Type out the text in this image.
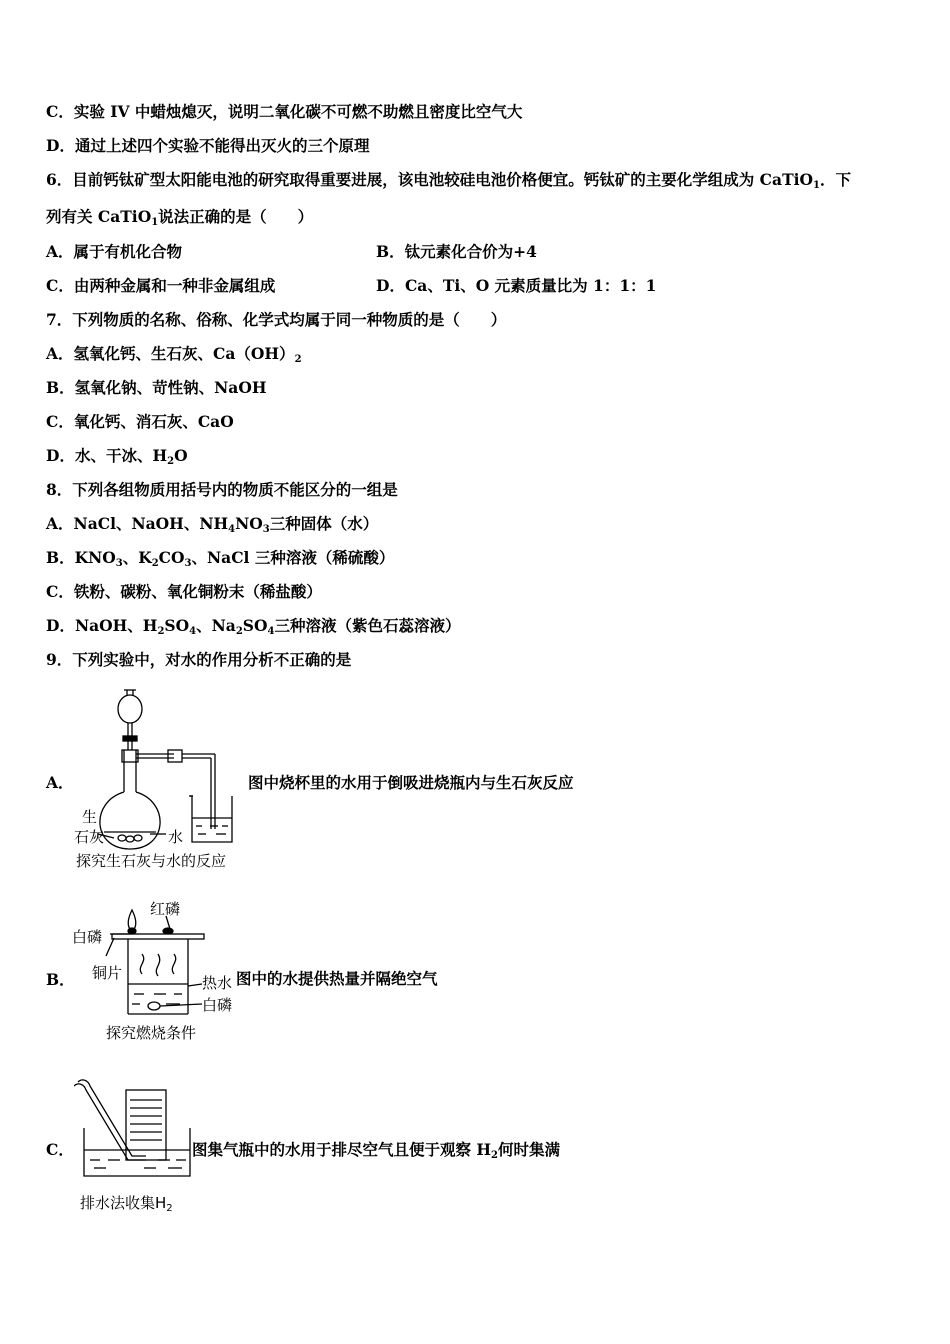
C．实验 IV 中蜡烛熄灭，说明二氧化碳不可燃不助燃且密度比空气大
D．通过上述四个实验不能得出灭火的三个原理
6．目前钙钛矿型太阳能电池的研究取得重要进展，该电池较硅电池价格便宜。钙钛矿的主要化学组成为 CaTiO$_1$．下
列有关 CaTiO$_1$说法正确的是（　　）
A．属于有机化合物	B．钛元素化合价为+4
C．由两种金属和一种非金属组成	D．Ca、Ti、O 元素质量比为 1：1：1
7．下列物质的名称、俗称、化学式均属于同一种物质的是（　　）
A．氢氧化钙、生石灰、$Ca(OH)_2$
B．氢氧化钠、苛性钠、NaOH
C．氧化钙、消石灰、CaO
D．水、干冰、$H_2O$
8．下列各组物质用括号内的物质不能区分的一组是
A．NaCl、NaOH、$NH_4NO_3$三种固体（水）
B．$KNO_3$、$K_2CO_3$、NaCl 三种溶液（稀硫酸）
C．铁粉、碳粉、氧化铜粉末（稀盐酸）
D．NaOH、$H_2SO_4$、$Na_2SO_4$三种溶液（紫色石蕊溶液）
9．下列实验中，对水的作用分析不正确的是
A．
生
石灰	水
探究生石灰与水的反应
图中烧杯里的水用于倒吸进烧瓶内与生石灰反应
B．
红磷
白磷
铜片
热水
白磷
探究燃烧条件
图中的水提供热量并隔绝空气
C．
排水法收集$H_2$
图集气瓶中的水用于排尽空气且便于观察 $H_2$何时集满
